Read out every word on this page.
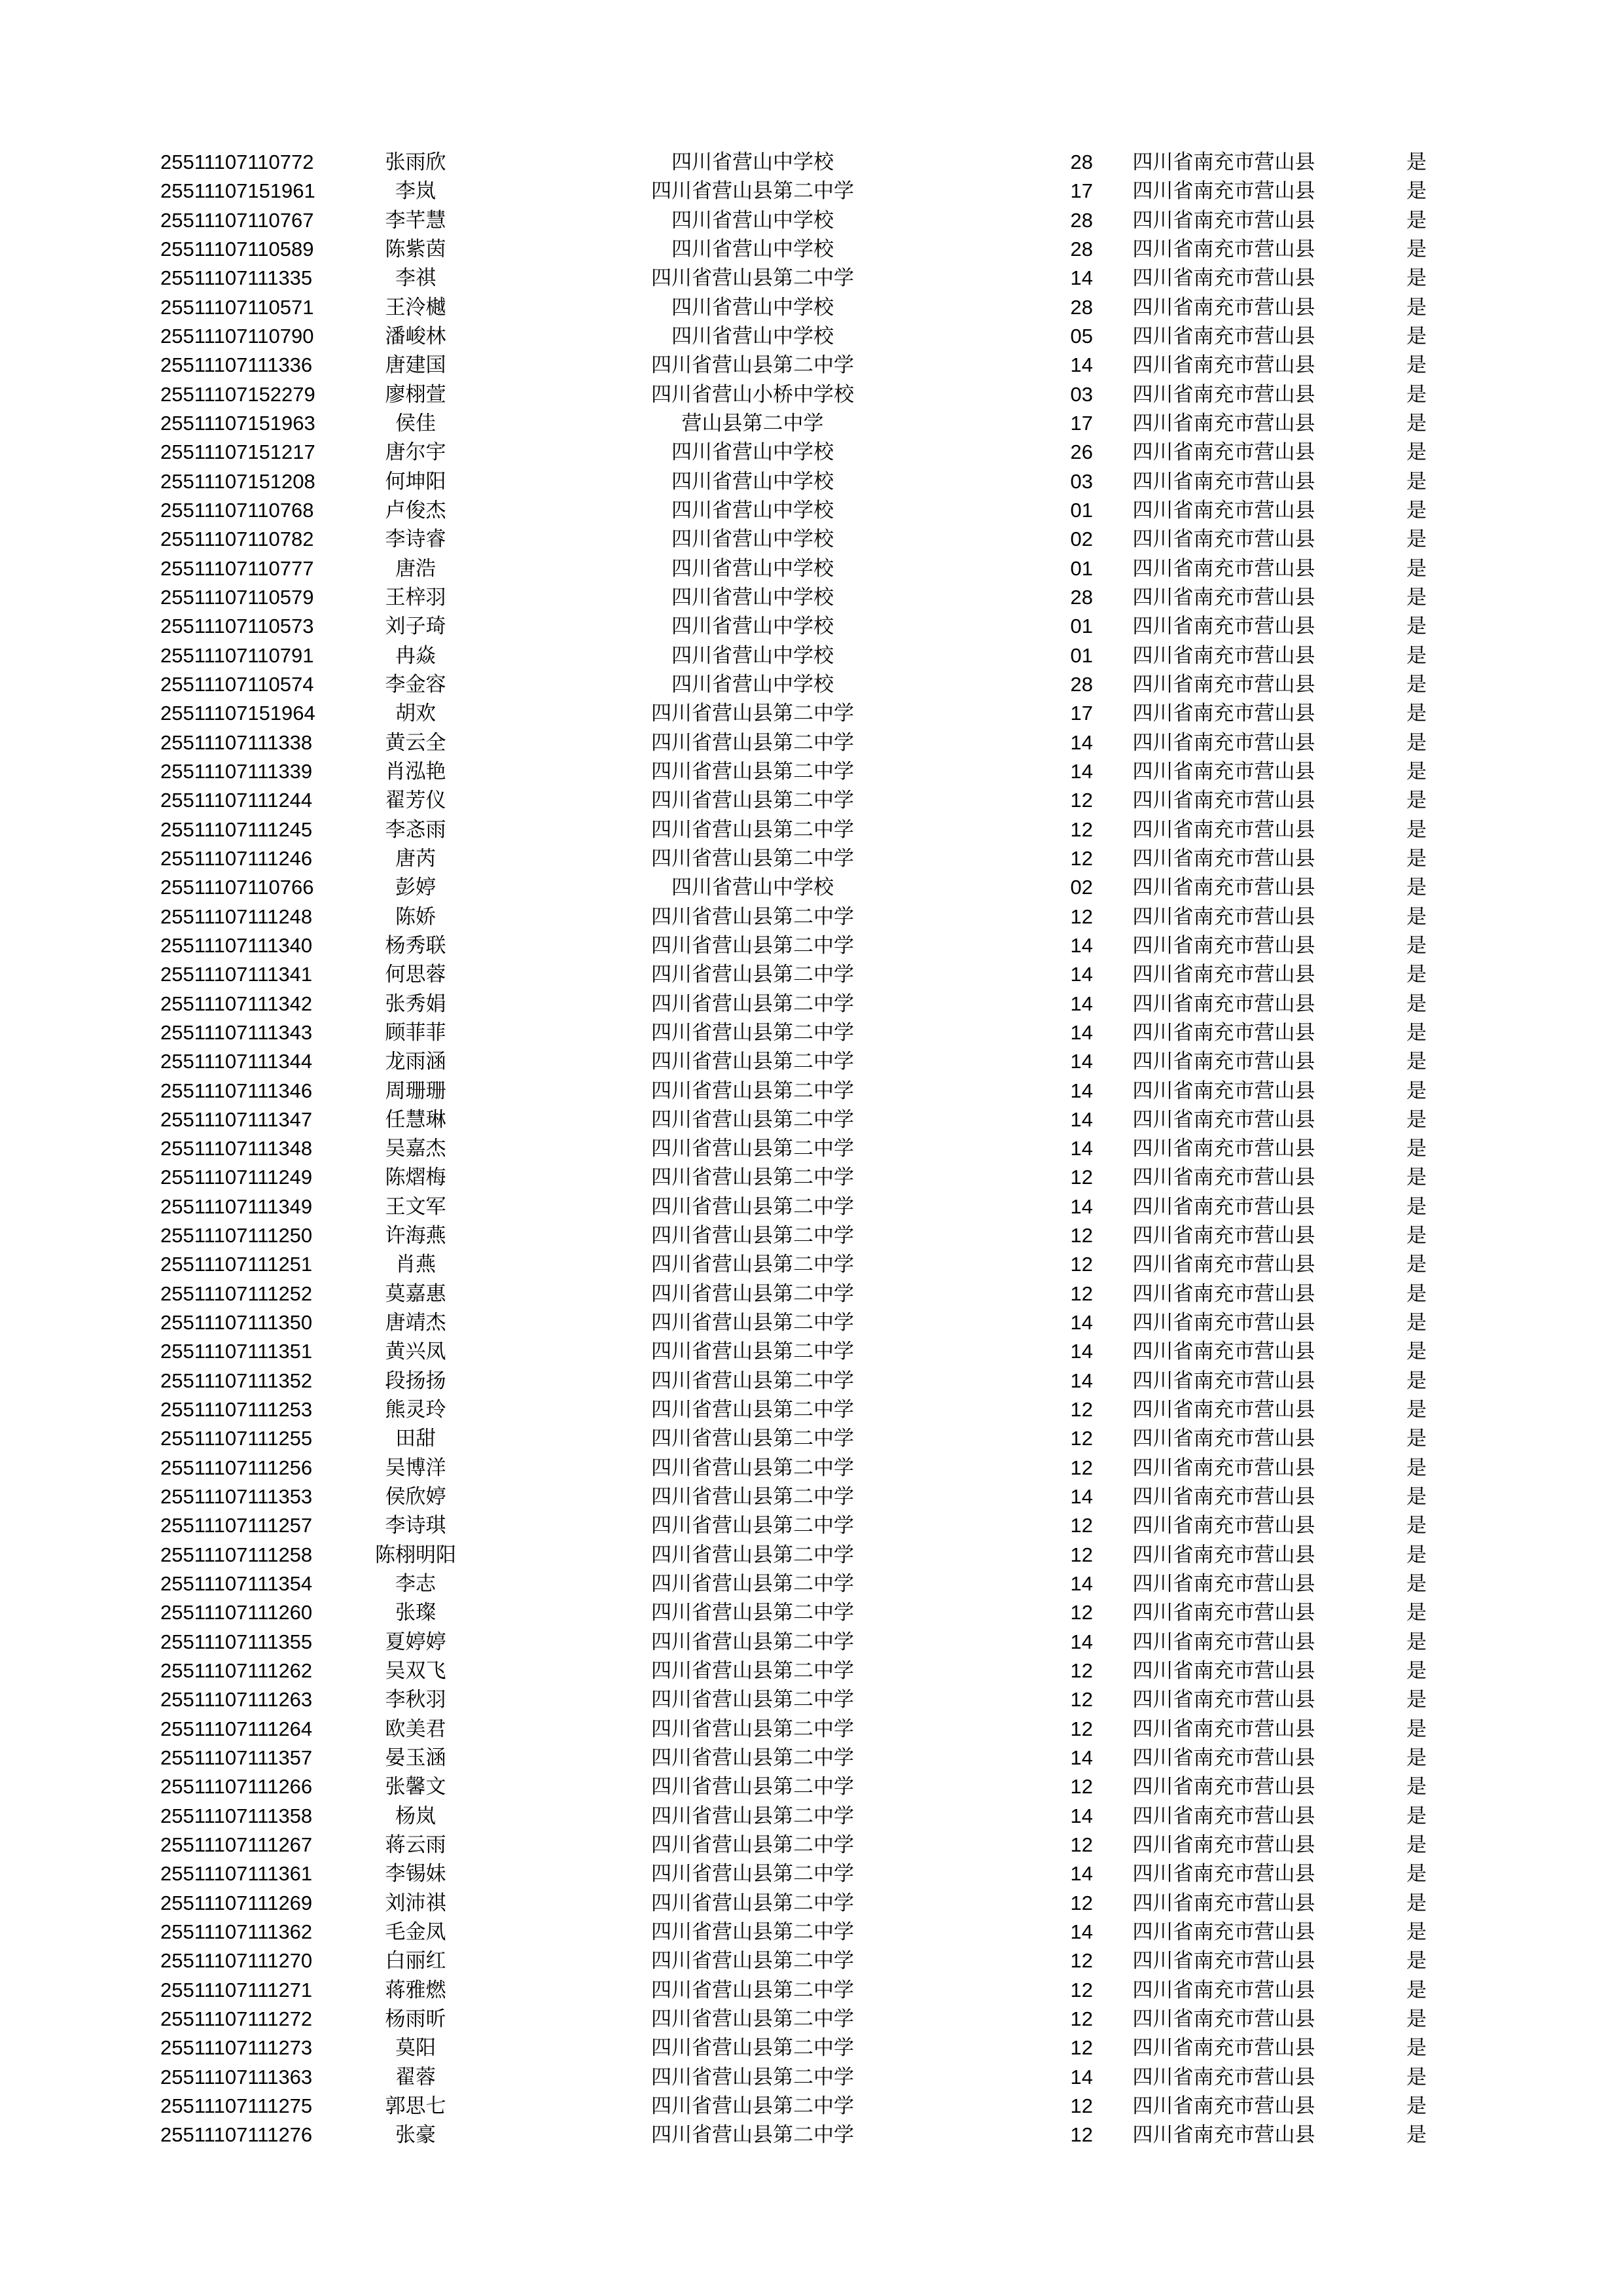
25511107110772	张雨欣	四川省营山中学校	28	四川省南充市营山县	是
25511107151961	李岚	四川省营山县第二中学	17	四川省南充市营山县	是
25511107110767	李芊慧	四川省营山中学校	28	四川省南充市营山县	是
25511107110589	陈紫茵	四川省营山中学校	28	四川省南充市营山县	是
25511107111335	李祺	四川省营山县第二中学	14	四川省南充市营山县	是
25511107110571	王泠樾	四川省营山中学校	28	四川省南充市营山县	是
25511107110790	潘峻林	四川省营山中学校	05	四川省南充市营山县	是
25511107111336	唐建国	四川省营山县第二中学	14	四川省南充市营山县	是
25511107152279	廖栩萱	四川省营山小桥中学校	03	四川省南充市营山县	是
25511107151963	侯佳	营山县第二中学	17	四川省南充市营山县	是
25511107151217	唐尔宇	四川省营山中学校	26	四川省南充市营山县	是
25511107151208	何坤阳	四川省营山中学校	03	四川省南充市营山县	是
25511107110768	卢俊杰	四川省营山中学校	01	四川省南充市营山县	是
25511107110782	李诗睿	四川省营山中学校	02	四川省南充市营山县	是
25511107110777	唐浩	四川省营山中学校	01	四川省南充市营山县	是
25511107110579	王梓羽	四川省营山中学校	28	四川省南充市营山县	是
25511107110573	刘子琦	四川省营山中学校	01	四川省南充市营山县	是
25511107110791	冉焱	四川省营山中学校	01	四川省南充市营山县	是
25511107110574	李金容	四川省营山中学校	28	四川省南充市营山县	是
25511107151964	胡欢	四川省营山县第二中学	17	四川省南充市营山县	是
25511107111338	黄云全	四川省营山县第二中学	14	四川省南充市营山县	是
25511107111339	肖泓艳	四川省营山县第二中学	14	四川省南充市营山县	是
25511107111244	翟芳仪	四川省营山县第二中学	12	四川省南充市营山县	是
25511107111245	李忞雨	四川省营山县第二中学	12	四川省南充市营山县	是
25511107111246	唐芮	四川省营山县第二中学	12	四川省南充市营山县	是
25511107110766	彭婷	四川省营山中学校	02	四川省南充市营山县	是
25511107111248	陈娇	四川省营山县第二中学	12	四川省南充市营山县	是
25511107111340	杨秀联	四川省营山县第二中学	14	四川省南充市营山县	是
25511107111341	何思蓉	四川省营山县第二中学	14	四川省南充市营山县	是
25511107111342	张秀娟	四川省营山县第二中学	14	四川省南充市营山县	是
25511107111343	顾菲菲	四川省营山县第二中学	14	四川省南充市营山县	是
25511107111344	龙雨涵	四川省营山县第二中学	14	四川省南充市营山县	是
25511107111346	周珊珊	四川省营山县第二中学	14	四川省南充市营山县	是
25511107111347	任慧琳	四川省营山县第二中学	14	四川省南充市营山县	是
25511107111348	吴嘉杰	四川省营山县第二中学	14	四川省南充市营山县	是
25511107111249	陈熠梅	四川省营山县第二中学	12	四川省南充市营山县	是
25511107111349	王文军	四川省营山县第二中学	14	四川省南充市营山县	是
25511107111250	许海燕	四川省营山县第二中学	12	四川省南充市营山县	是
25511107111251	肖燕	四川省营山县第二中学	12	四川省南充市营山县	是
25511107111252	莫嘉惠	四川省营山县第二中学	12	四川省南充市营山县	是
25511107111350	唐靖杰	四川省营山县第二中学	14	四川省南充市营山县	是
25511107111351	黄兴凤	四川省营山县第二中学	14	四川省南充市营山县	是
25511107111352	段扬扬	四川省营山县第二中学	14	四川省南充市营山县	是
25511107111253	熊灵玲	四川省营山县第二中学	12	四川省南充市营山县	是
25511107111255	田甜	四川省营山县第二中学	12	四川省南充市营山县	是
25511107111256	吴博洋	四川省营山县第二中学	12	四川省南充市营山县	是
25511107111353	侯欣婷	四川省营山县第二中学	14	四川省南充市营山县	是
25511107111257	李诗琪	四川省营山县第二中学	12	四川省南充市营山县	是
25511107111258	陈栩明阳	四川省营山县第二中学	12	四川省南充市营山县	是
25511107111354	李志	四川省营山县第二中学	14	四川省南充市营山县	是
25511107111260	张璨	四川省营山县第二中学	12	四川省南充市营山县	是
25511107111355	夏婷婷	四川省营山县第二中学	14	四川省南充市营山县	是
25511107111262	吴双飞	四川省营山县第二中学	12	四川省南充市营山县	是
25511107111263	李秋羽	四川省营山县第二中学	12	四川省南充市营山县	是
25511107111264	欧美君	四川省营山县第二中学	12	四川省南充市营山县	是
25511107111357	晏玉涵	四川省营山县第二中学	14	四川省南充市营山县	是
25511107111266	张馨文	四川省营山县第二中学	12	四川省南充市营山县	是
25511107111358	杨岚	四川省营山县第二中学	14	四川省南充市营山县	是
25511107111267	蒋云雨	四川省营山县第二中学	12	四川省南充市营山县	是
25511107111361	李锡妹	四川省营山县第二中学	14	四川省南充市营山县	是
25511107111269	刘沛祺	四川省营山县第二中学	12	四川省南充市营山县	是
25511107111362	毛金凤	四川省营山县第二中学	14	四川省南充市营山县	是
25511107111270	白丽红	四川省营山县第二中学	12	四川省南充市营山县	是
25511107111271	蒋雅燃	四川省营山县第二中学	12	四川省南充市营山县	是
25511107111272	杨雨昕	四川省营山县第二中学	12	四川省南充市营山县	是
25511107111273	莫阳	四川省营山县第二中学	12	四川省南充市营山县	是
25511107111363	翟蓉	四川省营山县第二中学	14	四川省南充市营山县	是
25511107111275	郭思七	四川省营山县第二中学	12	四川省南充市营山县	是
25511107111276	张豪	四川省营山县第二中学	12	四川省南充市营山县	是
